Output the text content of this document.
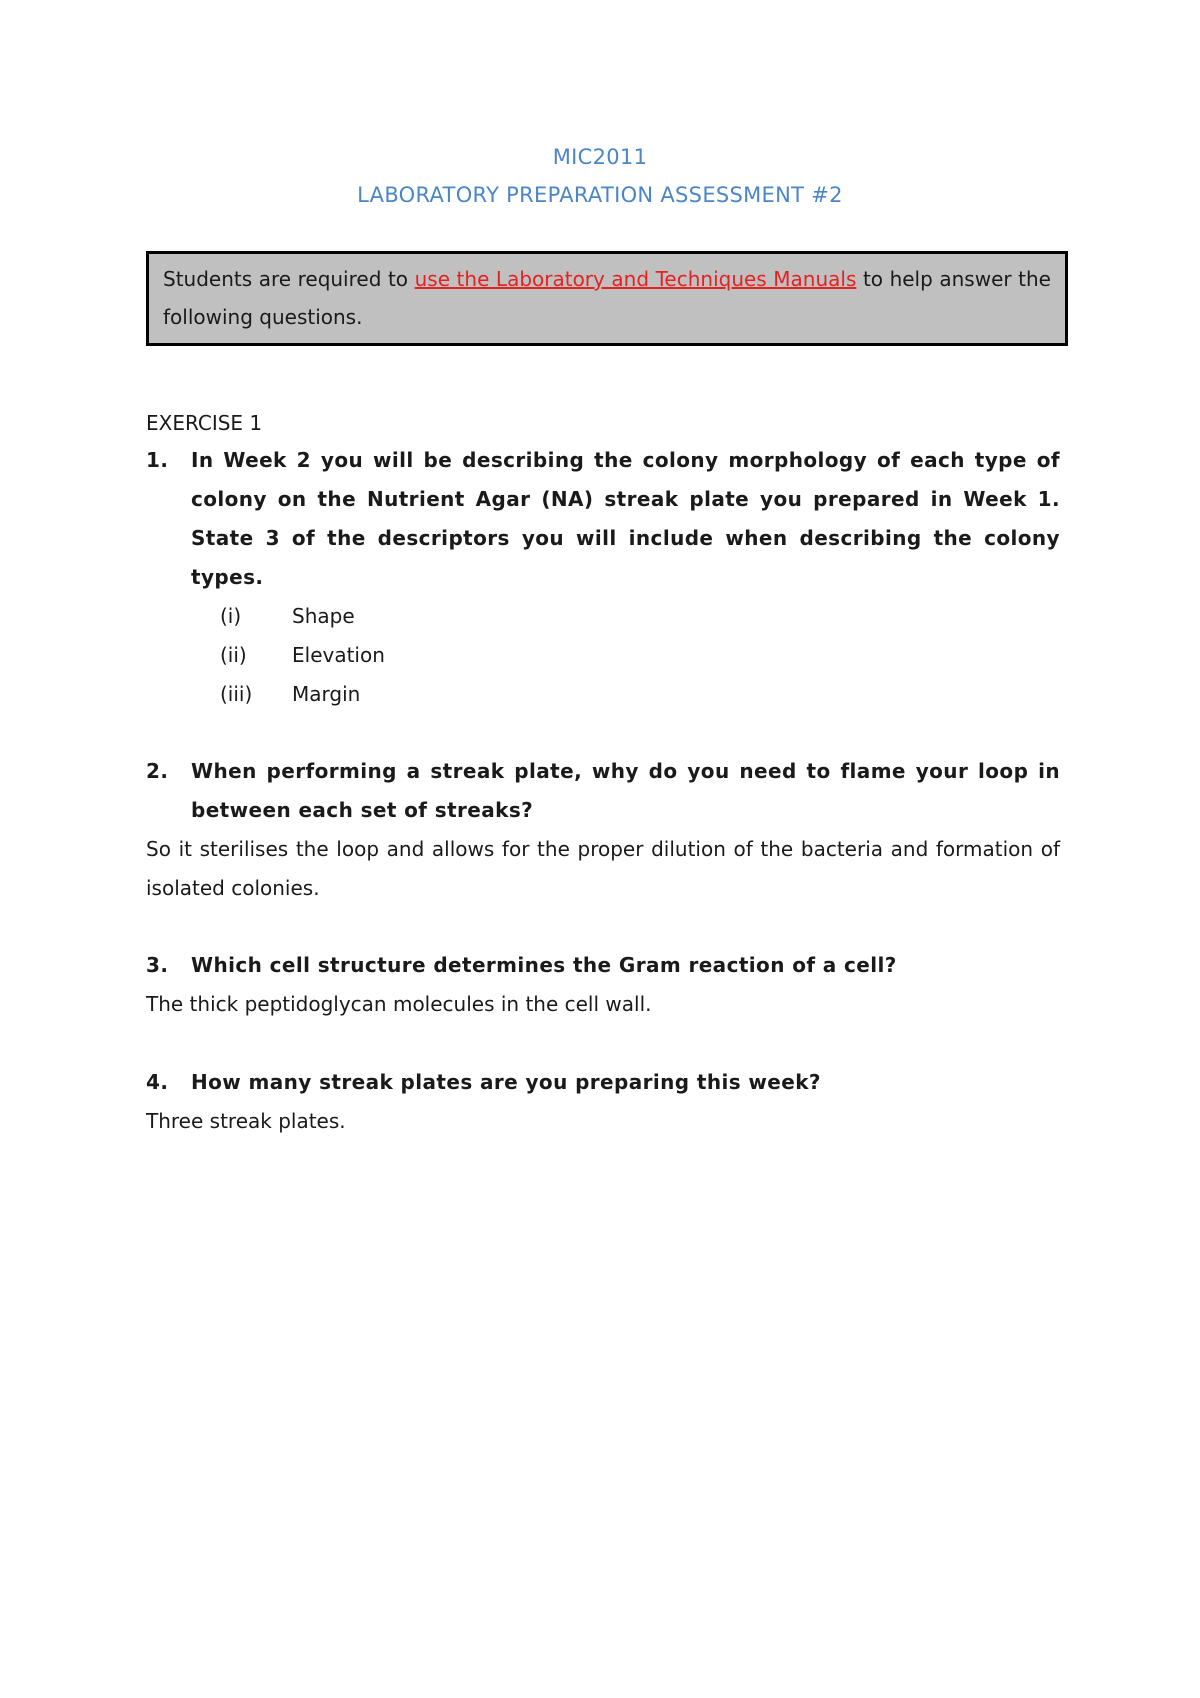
MIC2011
LABORATORY PREPARATION ASSESSMENT #2
Students are required to use the Laboratory and Techniques Manuals to help answer the following questions.
EXERCISE 1
1. In Week 2 you will be describing the colony morphology of each type of colony on the Nutrient Agar (NA) streak plate you prepared in Week 1. State 3 of the descriptors you will include when describing the colony types.
(i)	Shape
(ii) Elevation
(iii) Margin
2. When performing a streak plate, why do you need to flame your loop in between each set of streaks?
So it sterilises the loop and allows for the proper dilution of the bacteria and formation of isolated colonies.
3. Which cell structure determines the Gram reaction of a cell?
The thick peptidoglycan molecules in the cell wall.
4. How many streak plates are you preparing this week?
Three streak plates.
